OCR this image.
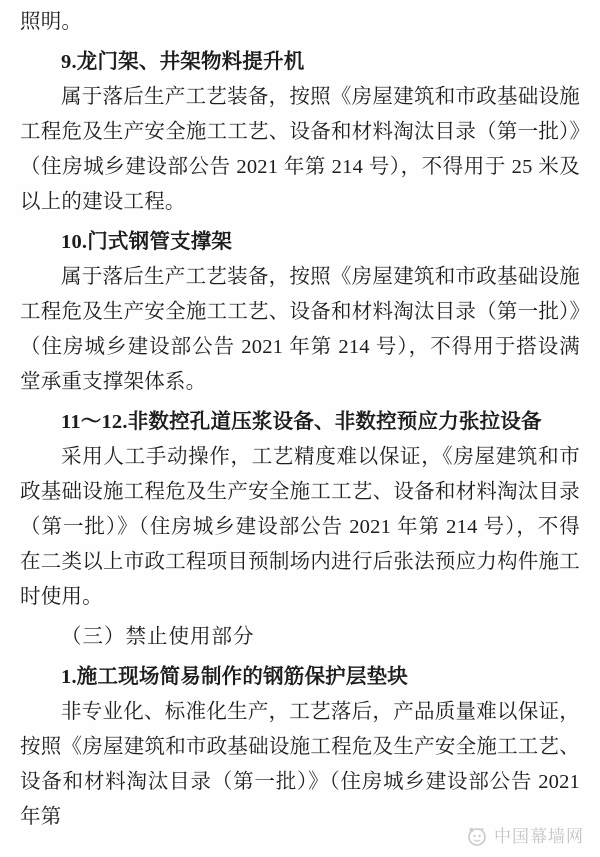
照明。

9.龙门架、井架物料提升机

属于落后生产工艺装备，按照《房屋建筑和市政基础设施工程危及生产安全施工工艺、设备和材料淘汰目录（第一批）》（住房城乡建设部公告 2021 年第 214 号），不得用于 25 米及以上的建设工程。

10.门式钢管支撑架

属于落后生产工艺装备，按照《房屋建筑和市政基础设施工程危及生产安全施工工艺、设备和材料淘汰目录（第一批）》（住房城乡建设部公告 2021 年第 214 号），不得用于搭设满堂承重支撑架体系。

11～12.非数控孔道压浆设备、非数控预应力张拉设备

采用人工手动操作，工艺精度难以保证，《房屋建筑和市政基础设施工程危及生产安全施工工艺、设备和材料淘汰目录（第一批）》（住房城乡建设部公告 2021 年第 214 号），不得在二类以上市政工程项目预制场内进行后张法预应力构件施工时使用。

（三）禁止使用部分

1.施工现场简易制作的钢筋保护层垫块

非专业化、标准化生产，工艺落后，产品质量难以保证，按照《房屋建筑和市政基础设施工程危及生产安全施工工艺、设备和材料淘汰目录（第一批）》（住房城乡建设部公告 2021 年第

中国幕墙网
